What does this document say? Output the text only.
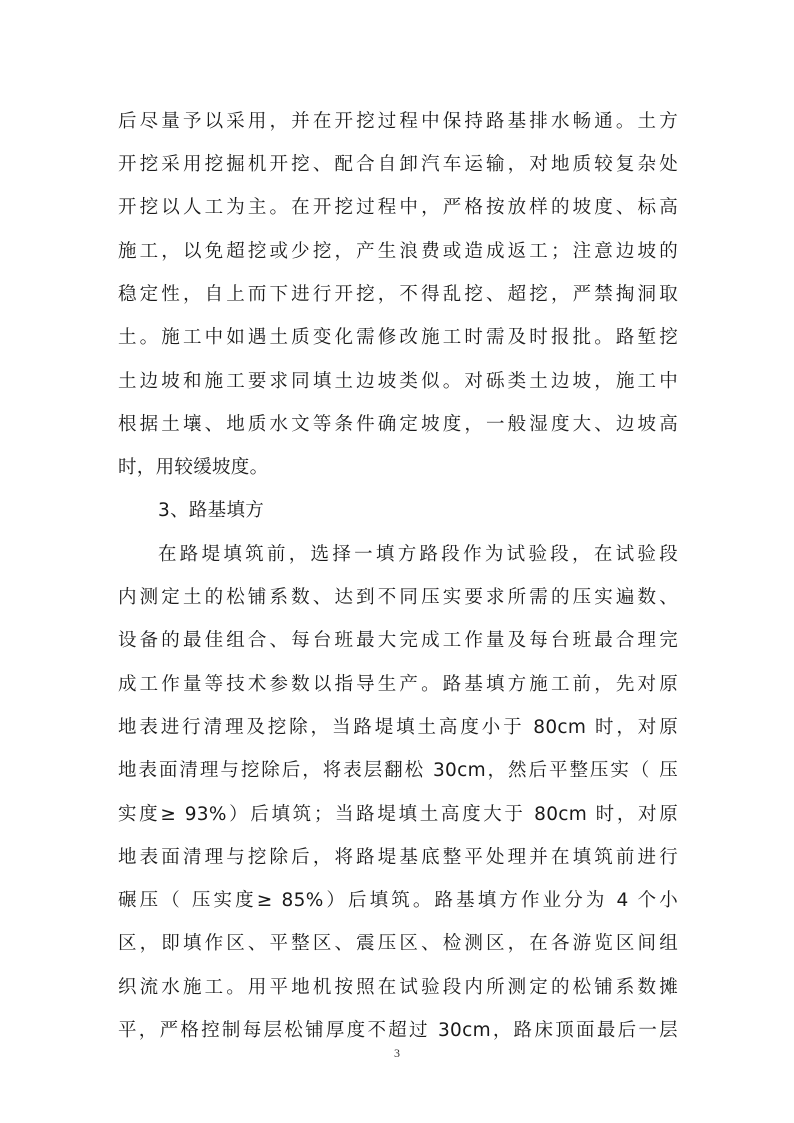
后尽量予以采用，并在开挖过程中保持路基排水畅通。土方
开挖采用挖掘机开挖、配合自卸汽车运输，对地质较复杂处
开挖以人工为主。在开挖过程中，严格按放样的坡度、标高
施工，以免超挖或少挖，产生浪费或造成返工；注意边坡的
稳定性，自上而下进行开挖，不得乱挖、超挖，严禁掏洞取
土。施工中如遇土质变化需修改施工时需及时报批。路堑挖
土边坡和施工要求同填土边坡类似。对砾类土边坡，施工中
根据土壤、地质水文等条件确定坡度，一般湿度大、边坡高
时，用较缓坡度。
3、路基填方
在路堤填筑前，选择一填方路段作为试验段，在试验段
内测定土的松铺系数、达到不同压实要求所需的压实遍数、
设备的最佳组合、每台班最大完成工作量及每台班最合理完
成工作量等技术参数以指导生产。路基填方施工前，先对原
地表进行清理及挖除，当路堤填土高度小于 80cm 时，对原
地表面清理与挖除后，将表层翻松 30cm，然后平整压实（ 压
实度≥ 93%）后填筑；当路堤填土高度大于 80cm 时，对原
地表面清理与挖除后，将路堤基底整平处理并在填筑前进行
碾压（ 压实度≥ 85%）后填筑。路基填方作业分为 4 个小
区，即填作区、平整区、震压区、检测区，在各游览区间组
织流水施工。用平地机按照在试验段内所测定的松铺系数摊
平，严格控制每层松铺厚度不超过 30cm，路床顶面最后一层
3
